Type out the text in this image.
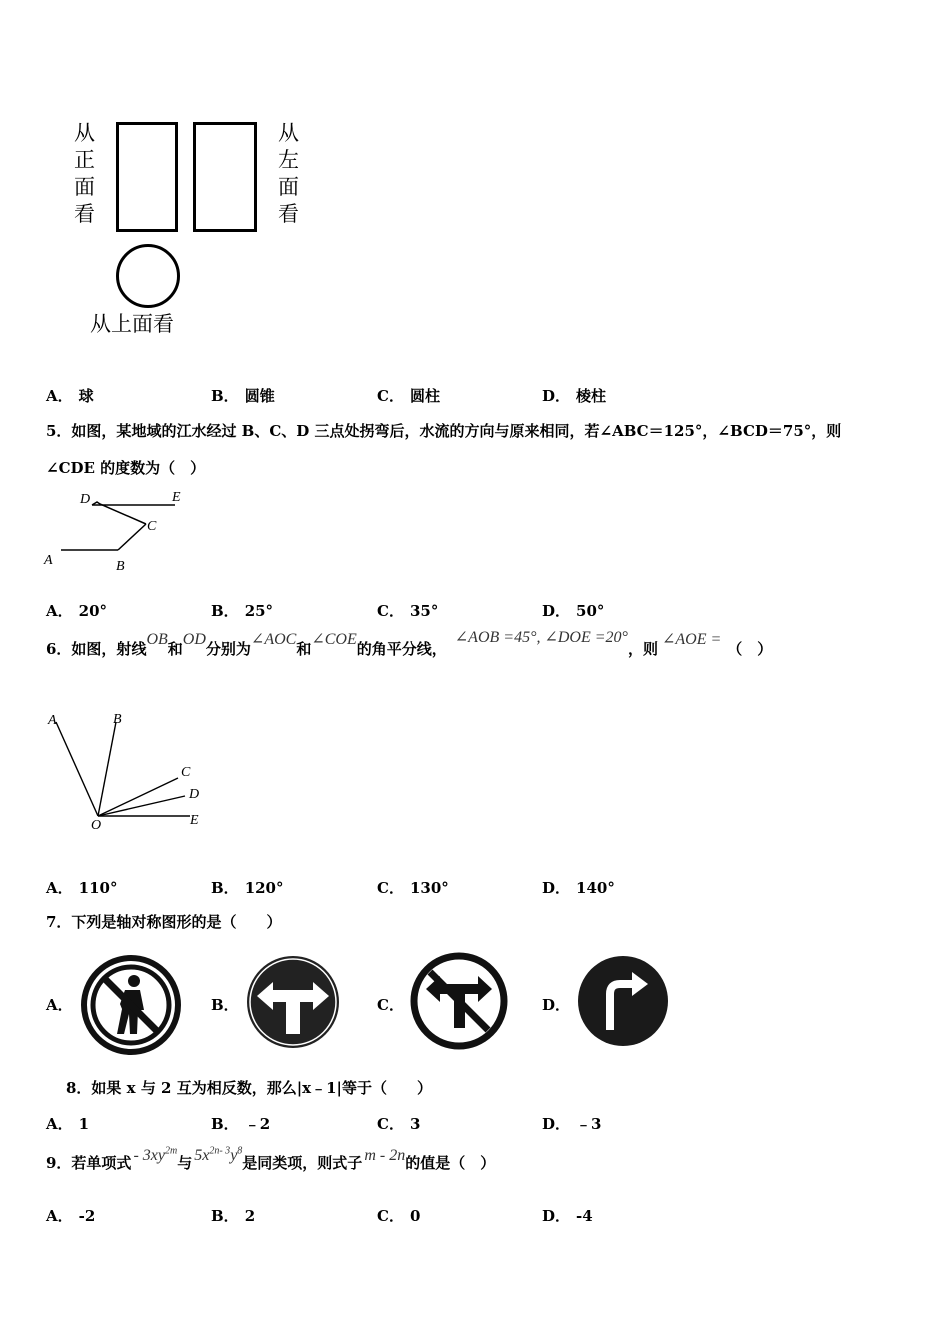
从
正
面
看
从
左
面
看
从上面看
A． 球	B． 圆锥	C． 圆柱	D． 棱柱
5．如图，某地域的江水经过 B、C、D 三点处拐弯后，水流的方向与原来相同，若∠ABC＝125°，∠BCD＝75°，则
∠CDE 的度数为（　）
D	E
C
A	B
A． 20°	B． 25°	C． 35°	D． 50°
6．如图，射线OB和OD分别为∠AOC和∠COE的角平分线，∠AOB =45°, ∠DOE =20°，则∠AOE =（　）
A	B
C
D
E
O
A． 110°	B． 120°	C． 130°	D． 140°
7．下列是轴对称图形的是（　　）
A．	B．	C．	D．
8．如果 x 与 2 互为相反数，那么|x﹣1|等于（　　）
A． 1	B． ﹣2	C． 3	D． ﹣3
9．若单项式 - $3xy^{2m}$与 $5x^{2n- 3}y^8$是同类项，则式子 m - 2n的值是（　）
A． -2	B． 2	C． 0	D． -4
